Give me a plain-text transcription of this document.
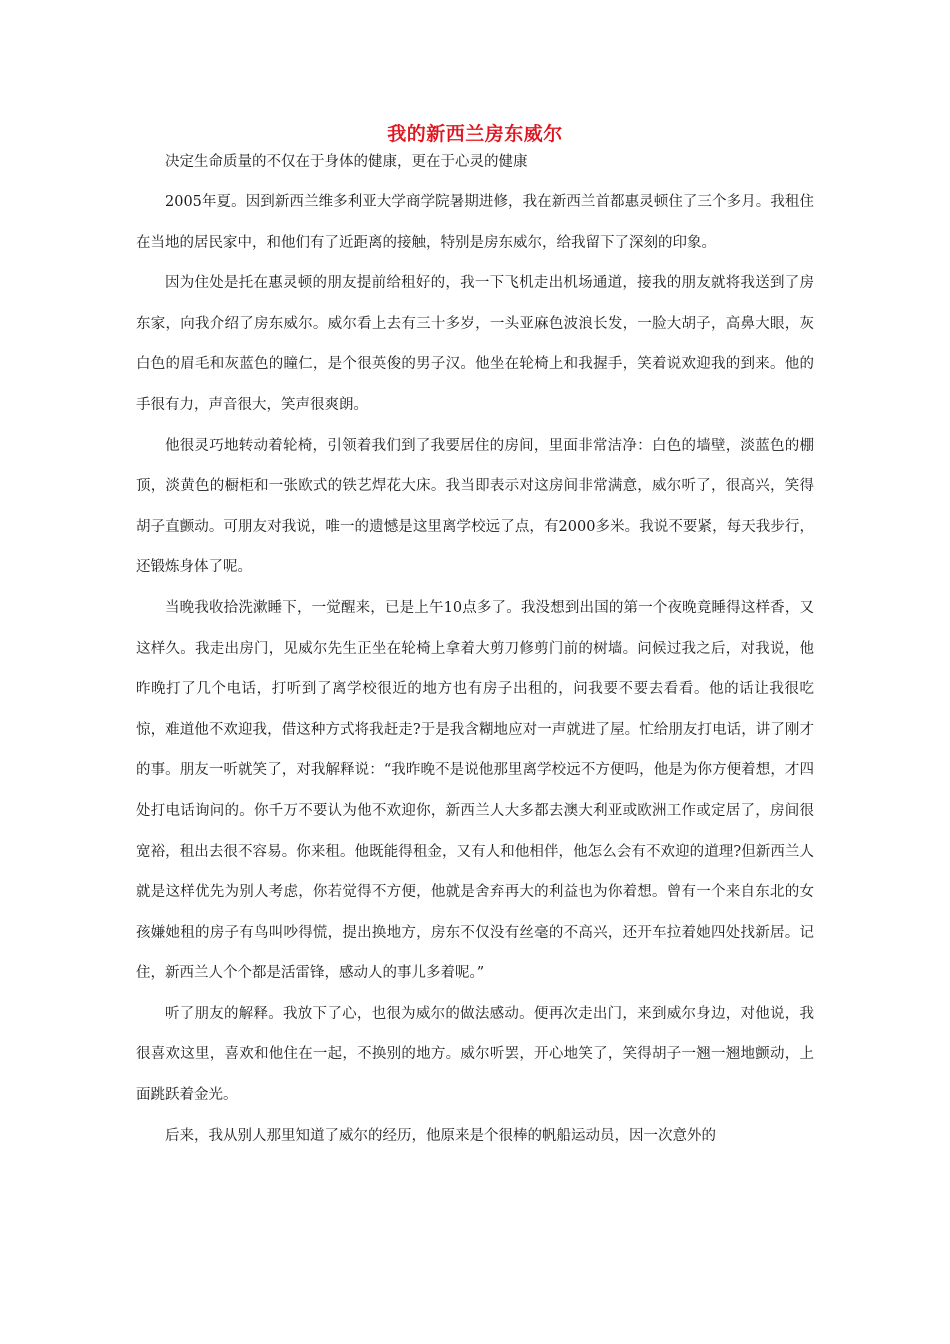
我的新西兰房东威尔

决定生命质量的不仅在于身体的健康，更在于心灵的健康

2005年夏。因到新西兰维多利亚大学商学院暑期进修，我在新西兰首都惠灵顿住了三个多月。我租住在当地的居民家中，和他们有了近距离的接触，特别是房东威尔，给我留下了深刻的印象。

因为住处是托在惠灵顿的朋友提前给租好的，我一下飞机走出机场通道，接我的朋友就将我送到了房东家，向我介绍了房东威尔。威尔看上去有三十多岁，一头亚麻色波浪长发，一脸大胡子，高鼻大眼，灰白色的眉毛和灰蓝色的瞳仁，是个很英俊的男子汉。他坐在轮椅上和我握手，笑着说欢迎我的到来。他的手很有力，声音很大，笑声很爽朗。

他很灵巧地转动着轮椅，引领着我们到了我要居住的房间，里面非常洁净：白色的墙壁，淡蓝色的棚顶，淡黄色的橱柜和一张欧式的铁艺焊花大床。我当即表示对这房间非常满意，威尔听了，很高兴，笑得胡子直颤动。可朋友对我说，唯一的遗憾是这里离学校远了点，有2000多米。我说不要紧，每天我步行，还锻炼身体了呢。

当晚我收拾洗漱睡下，一觉醒来，已是上午10点多了。我没想到出国的第一个夜晚竟睡得这样香，又这样久。我走出房门，见威尔先生正坐在轮椅上拿着大剪刀修剪门前的树墙。问候过我之后，对我说，他昨晚打了几个电话，打听到了离学校很近的地方也有房子出租的，问我要不要去看看。他的话让我很吃惊，难道他不欢迎我，借这种方式将我赶走?于是我含糊地应对一声就进了屋。忙给朋友打电话，讲了刚才的事。朋友一听就笑了，对我解释说：“我昨晚不是说他那里离学校远不方便吗，他是为你方便着想，才四处打电话询问的。你千万不要认为他不欢迎你，新西兰人大多都去澳大利亚或欧洲工作或定居了，房间很宽裕，租出去很不容易。你来租。他既能得租金，又有人和他相伴，他怎么会有不欢迎的道理?但新西兰人就是这样优先为别人考虑，你若觉得不方便，他就是舍弃再大的利益也为你着想。曾有一个来自东北的女孩嫌她租的房子有鸟叫吵得慌，提出换地方，房东不仅没有丝毫的不高兴，还开车拉着她四处找新居。记住，新西兰人个个都是活雷锋，感动人的事儿多着呢。”

听了朋友的解释。我放下了心，也很为威尔的做法感动。便再次走出门，来到威尔身边，对他说，我很喜欢这里，喜欢和他住在一起，不换别的地方。威尔听罢，开心地笑了，笑得胡子一翘一翘地颤动，上面跳跃着金光。

后来，我从别人那里知道了威尔的经历，他原来是个很棒的帆船运动员，因一次意外的
